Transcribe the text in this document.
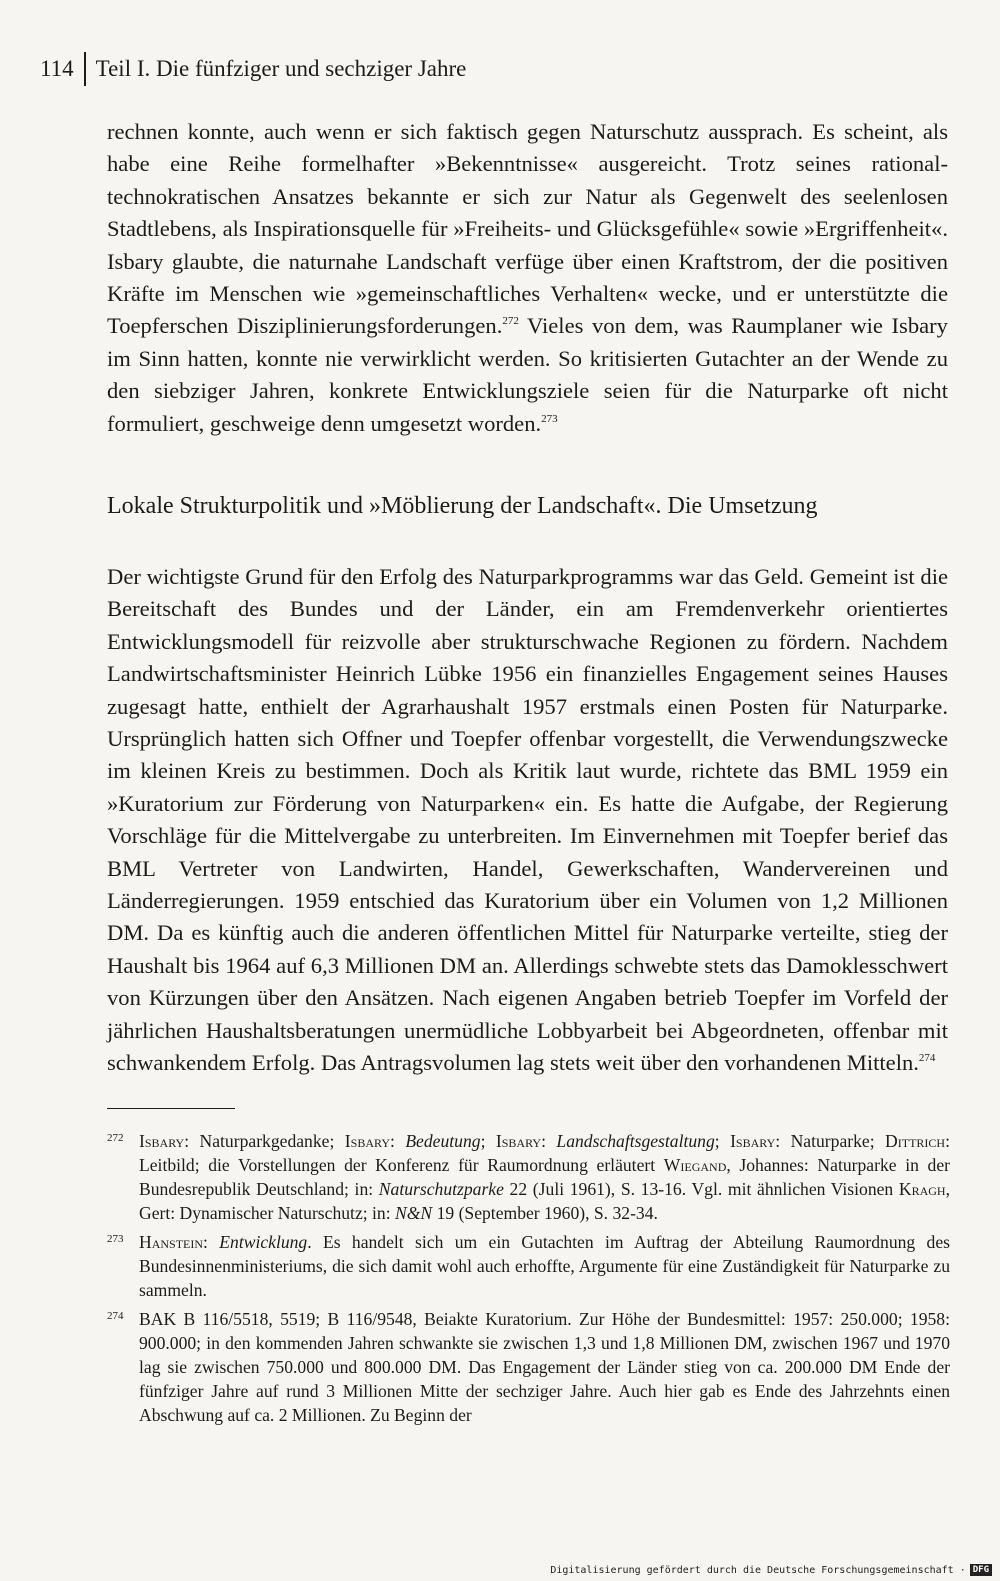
114 Teil I. Die fünfziger und sechziger Jahre

rechnen konnte, auch wenn er sich faktisch gegen Naturschutz aussprach. Es scheint, als habe eine Reihe formelhafter »Bekenntnisse« ausgereicht. Trotz seines rational-technokratischen Ansatzes bekannte er sich zur Natur als Gegenwelt des seelenlosen Stadtlebens, als Inspirationsquelle für »Freiheits- und Glücksgefühle« sowie »Ergriffenheit«. Isbary glaubte, die naturnahe Landschaft verfüge über einen Kraftstrom, der die positiven Kräfte im Menschen wie »gemeinschaftliches Verhalten« wecke, und er unterstützte die Toepferschen Disziplinierungsforderungen.$^{272}$ Vieles von dem, was Raumplaner wie Isbary im Sinn hatten, konnte nie verwirklicht werden. So kritisierten Gutachter an der Wende zu den siebziger Jahren, konkrete Entwicklungsziele seien für die Naturparke oft nicht formuliert, geschweige denn umgesetzt worden.$^{273}$

Lokale Strukturpolitik und »Möblierung der Landschaft«. Die Umsetzung

Der wichtigste Grund für den Erfolg des Naturparkprogramms war das Geld. Gemeint ist die Bereitschaft des Bundes und der Länder, ein am Fremdenverkehr orientiertes Entwicklungsmodell für reizvolle aber strukturschwache Regionen zu fördern. Nachdem Landwirtschaftsminister Heinrich Lübke 1956 ein finanzielles Engagement seines Hauses zugesagt hatte, enthielt der Agrarhaushalt 1957 erstmals einen Posten für Naturparke. Ursprünglich hatten sich Offner und Toepfer offenbar vorgestellt, die Verwendungszwecke im kleinen Kreis zu bestimmen. Doch als Kritik laut wurde, richtete das BML 1959 ein »Kuratorium zur Förderung von Naturparken« ein. Es hatte die Aufgabe, der Regierung Vorschläge für die Mittelvergabe zu unterbreiten. Im Einvernehmen mit Toepfer berief das BML Vertreter von Landwirten, Handel, Gewerkschaften, Wandervereinen und Länderregierungen. 1959 entschied das Kuratorium über ein Volumen von 1,2 Millionen DM. Da es künftig auch die anderen öffentlichen Mittel für Naturparke verteilte, stieg der Haushalt bis 1964 auf 6,3 Millionen DM an. Allerdings schwebte stets das Damoklesschwert von Kürzungen über den Ansätzen. Nach eigenen Angaben betrieb Toepfer im Vorfeld der jährlichen Haushaltsberatungen unermüdliche Lobbyarbeit bei Abgeordneten, offenbar mit schwankendem Erfolg. Das Antragsvolumen lag stets weit über den vorhandenen Mitteln.$^{274}$

272 Isbary: Naturparkgedanke; Isbary: Bedeutung; Isbary: Landschaftsgestaltung; Isbary: Naturparke; Dittrich: Leitbild; die Vorstellungen der Konferenz für Raumordnung erläutert Wiegand, Johannes: Naturparke in der Bundesrepublik Deutschland; in: Naturschutzparke 22 (Juli 1961), S. 13-16. Vgl. mit ähnlichen Visionen Kragh, Gert: Dynamischer Naturschutz; in: N&N 19 (September 1960), S. 32-34.
273 Hanstein: Entwicklung. Es handelt sich um ein Gutachten im Auftrag der Abteilung Raumordnung des Bundesinnenministeriums, die sich damit wohl auch erhoffte, Argumente für eine Zuständigkeit für Naturparke zu sammeln.
274 BAK B 116/5518, 5519; B 116/9548, Beiakte Kuratorium. Zur Höhe der Bundesmittel: 1957: 250.000; 1958: 900.000; in den kommenden Jahren schwankte sie zwischen 1,3 und 1,8 Millionen DM, zwischen 1967 und 1970 lag sie zwischen 750.000 und 800.000 DM. Das Engagement der Länder stieg von ca. 200.000 DM Ende der fünfziger Jahre auf rund 3 Millionen Mitte der sechziger Jahre. Auch hier gab es Ende des Jahrzehnts einen Abschwung auf ca. 2 Millionen. Zu Beginn der
Digitalisierung gefördert durch die Deutsche Forschungsgemeinschaft · DFG
